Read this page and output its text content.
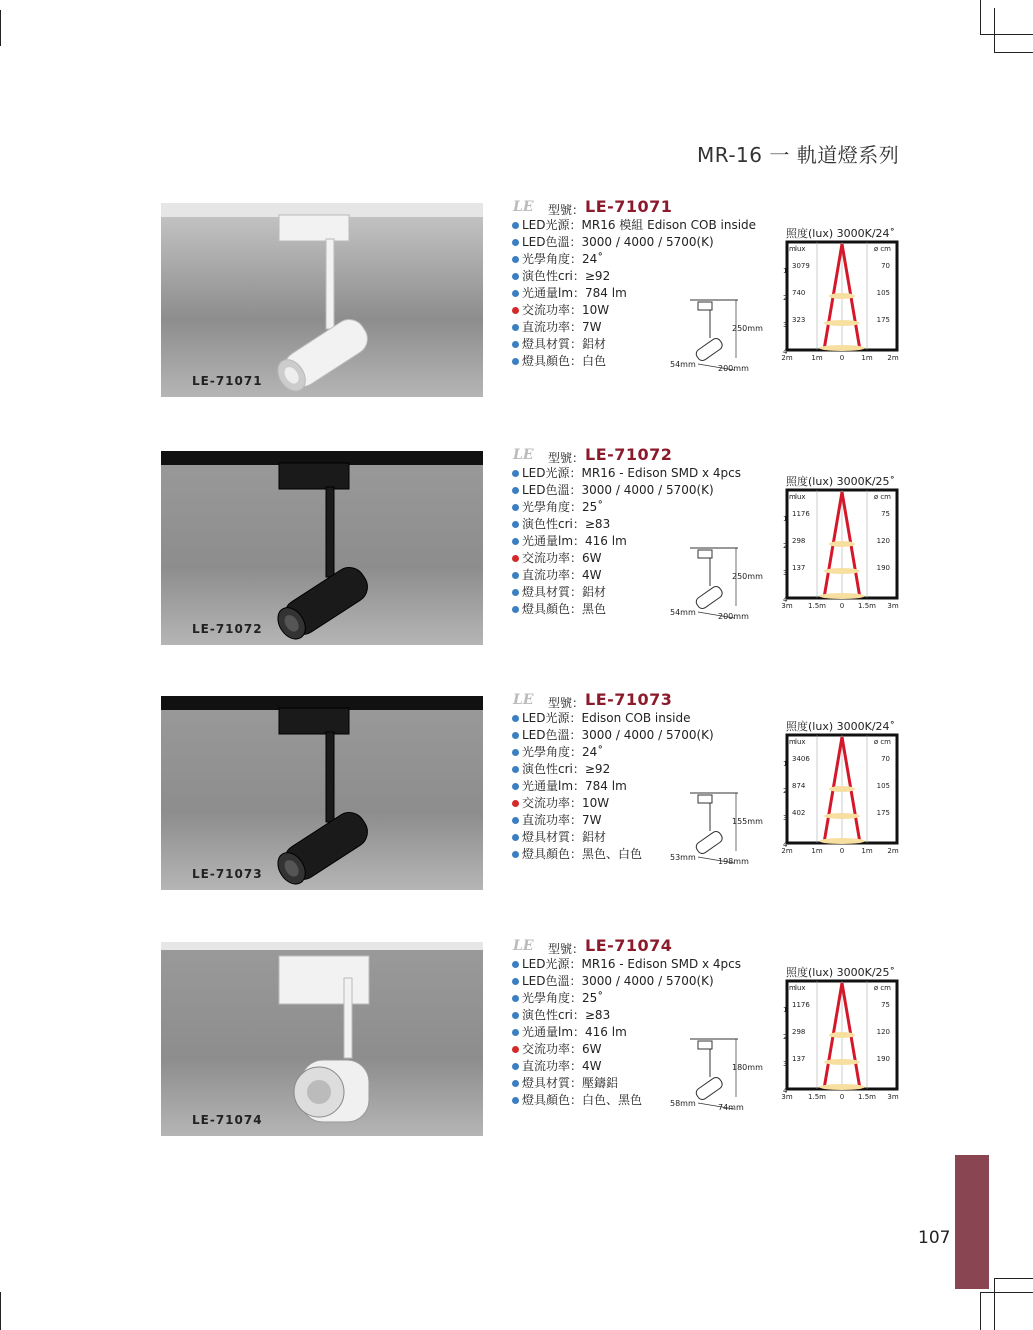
MR-16 一 軌道燈系列
LE-71071
LE 型號： LE-71071
LED光源：MR16 模組 Edison COB inside
LED色溫：3000 / 4000 / 5700(K)
光學角度：24˚
演色性cri：≥92
光通量lm：784 lm
交流功率：10W
直流功率：7W
燈具材質：鋁材
燈具顏色：白色
250mm
54mm	200mm
照度(lux) 3000K/24˚
m lux	ø cm
3079
740
323
70
105
175
1
2
3
4
2m	1m 0 1m 2m
LE-71072
LE 型號： LE-71072
LED光源：MR16 - Edison SMD x 4pcs
LED色溫：3000 / 4000 / 5700(K)
光學角度：25˚
演色性cri：≥83
光通量lm：416 lm
交流功率：6W
直流功率：4W
燈具材質：鋁材
燈具顏色：黑色
250mm
54mm	200mm
照度(lux) 3000K/25˚
m lux	ø cm
1176
298
137
75
120
190
1
2
3
4
3m 1.5m 0 1.5m 3m
LE-71073
LE 型號： LE-71073
LED光源：Edison COB inside
LED色溫：3000 / 4000 / 5700(K)
光學角度：24˚
演色性cri：≥92
光通量lm：784 lm
交流功率：10W
直流功率：7W
燈具材質：鋁材
燈具顏色：黑色、白色
155mm
53mm	198mm
照度(lux) 3000K/24˚
m lux	ø cm
3406
874
402
70
105
175
1
2
3
4
2m	1m 0 1m 2m
LE-71074
LE 型號： LE-71074
LED光源：MR16 - Edison SMD x 4pcs
LED色溫：3000 / 4000 / 5700(K)
光學角度：25˚
演色性cri：≥83
光通量lm：416 lm
交流功率：6W
直流功率：4W
燈具材質：壓鑄鋁
燈具顏色：白色、黑色
180mm
58mm	74mm
照度(lux) 3000K/25˚
m lux	ø cm
1176
298
137
75
120
190
1
2
3
4
3m 1.5m 0 1.5m 3m
107
